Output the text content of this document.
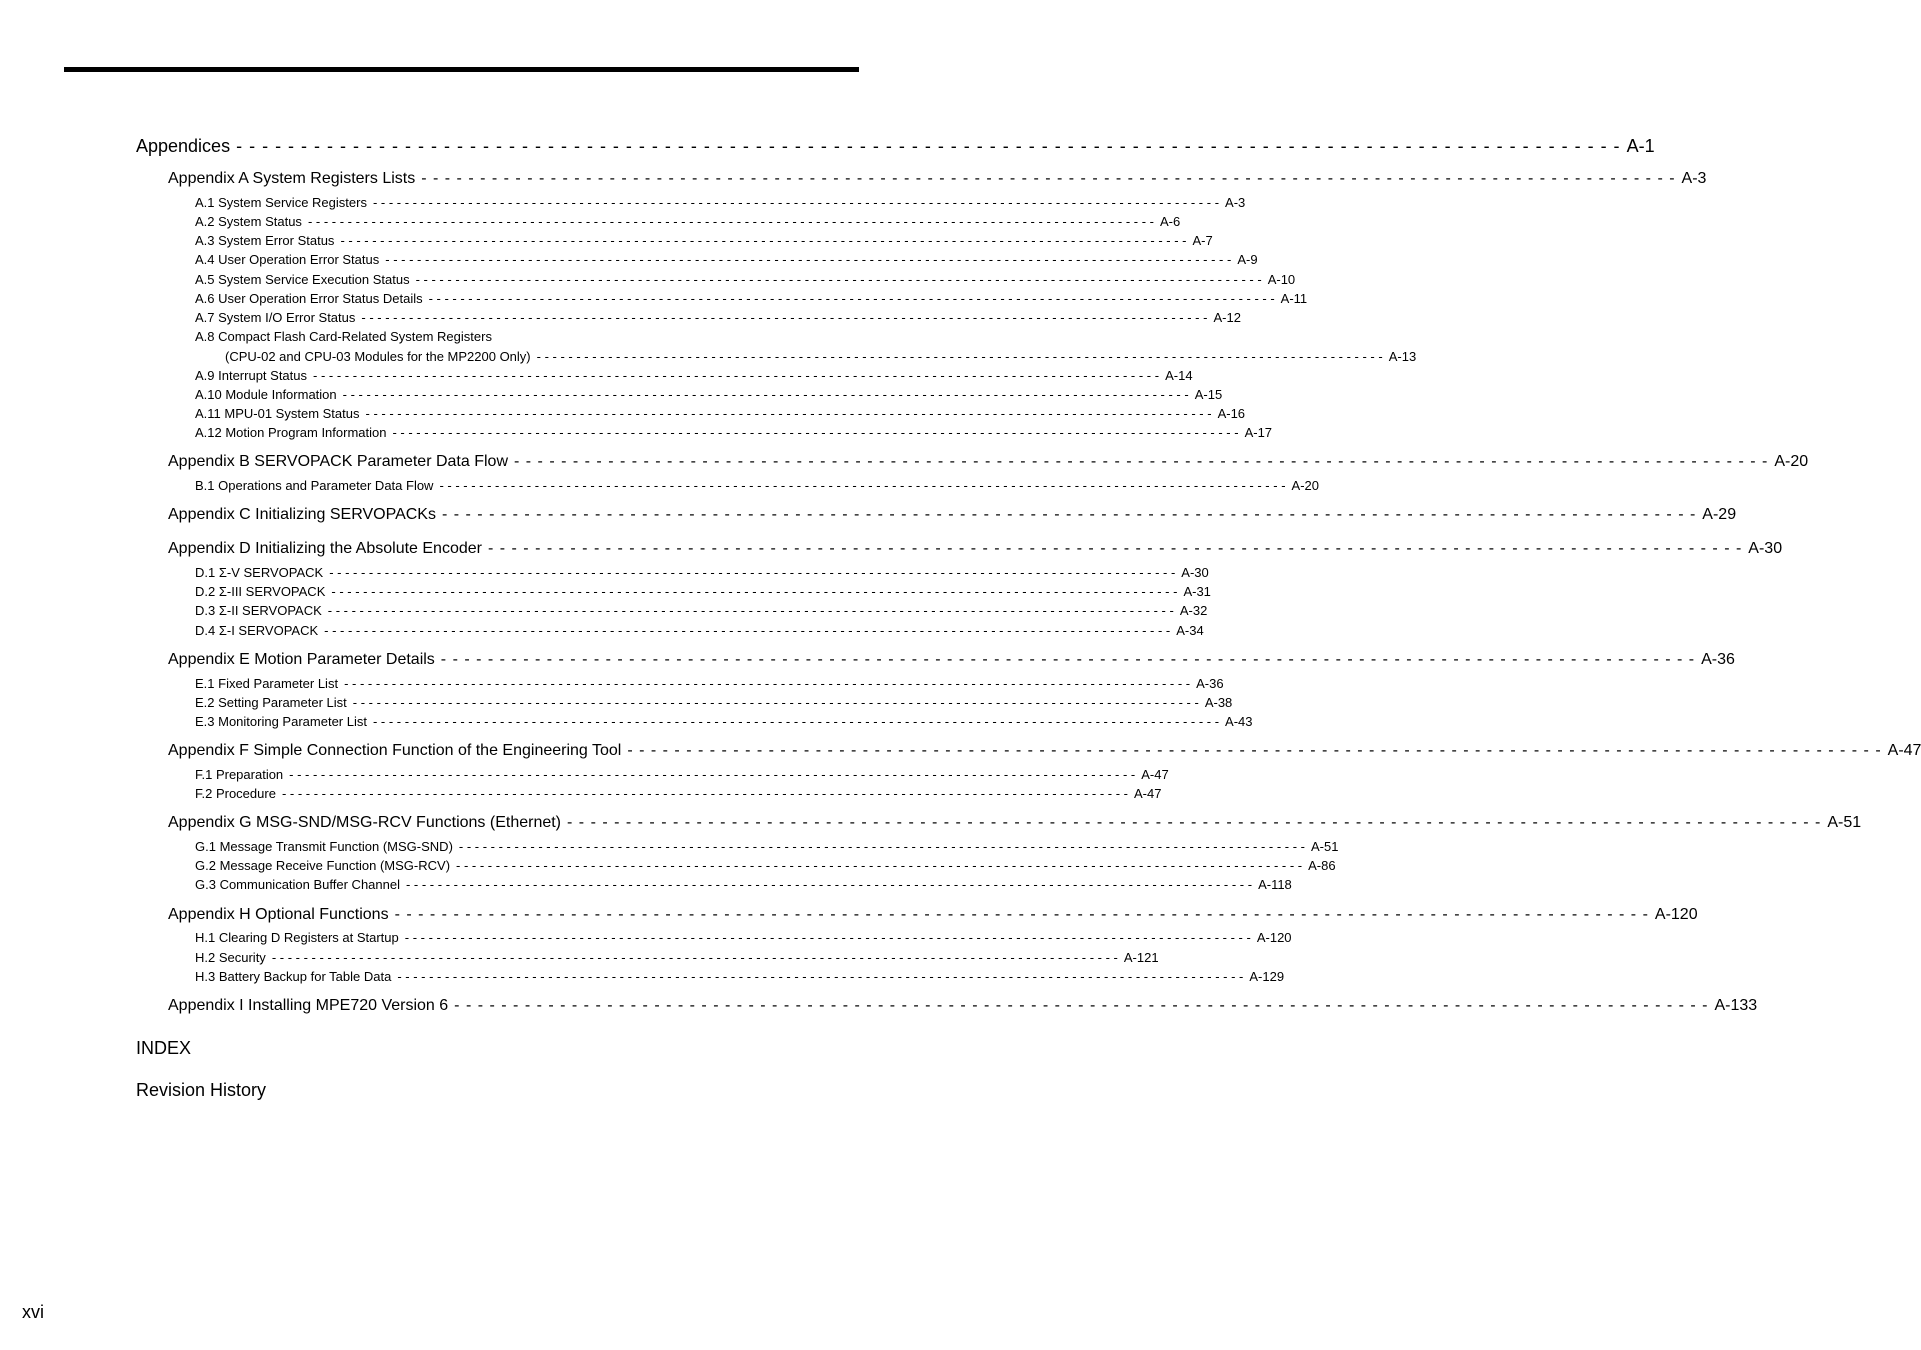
Appendices - - - - - - - - - - - - - - - - - - - - - - - - - - - - - - - - - - - - - - - - - - - - - - - - - - - - - - - - - - - - - - - - - - - - - - - - - - - - - - - - - - - - - - - - - - - - - - - - - - - - - - - - - - - A-1
Appendix A System Registers Lists - - - - - - - - - - - - - - - - - - - - - - - - - - - - - - - - - - - - - - - - - - - - - - - - - - - - - - - - - - - - - - - - - - - - - - - - - - - - - - - - - - - - - - - - - - - - - - - - - - - - - - - - - - - A-3
A.1 System Service Registers - - - - - - - - - - - - - - - - - - - - - - - - - - - - - - - - - - - - - - - - - - - - - - - - - - - - - - - - - - - - - - - - - - - - - - - - - - - - - - - - - - - - - - - - - - - - - - - - - - - - - - - - - - - A-3
A.2 System Status - - - - - - - - - - - - - - - - - - - - - - - - - - - - - - - - - - - - - - - - - - - - - - - - - - - - - - - - - - - - - - - - - - - - - - - - - - - - - - - - - - - - - - - - - - - - - - - - - - - - - - - - - - - A-6
A.3 System Error Status - - - - - - - - - - - - - - - - - - - - - - - - - - - - - - - - - - - - - - - - - - - - - - - - - - - - - - - - - - - - - - - - - - - - - - - - - - - - - - - - - - - - - - - - - - - - - - - - - - - - - - - - - - - A-7
A.4 User Operation Error Status - - - - - - - - - - - - - - - - - - - - - - - - - - - - - - - - - - - - - - - - - - - - - - - - - - - - - - - - - - - - - - - - - - - - - - - - - - - - - - - - - - - - - - - - - - - - - - - - - - - - - - - - - - - A-9
A.5 System Service Execution Status - - - - - - - - - - - - - - - - - - - - - - - - - - - - - - - - - - - - - - - - - - - - - - - - - - - - - - - - - - - - - - - - - - - - - - - - - - - - - - - - - - - - - - - - - - - - - - - - - - - - - - - - - - - A-10
A.6 User Operation Error Status Details - - - - - - - - - - - - - - - - - - - - - - - - - - - - - - - - - - - - - - - - - - - - - - - - - - - - - - - - - - - - - - - - - - - - - - - - - - - - - - - - - - - - - - - - - - - - - - - - - - - - - - - - - - - A-11
A.7 System I/O Error Status - - - - - - - - - - - - - - - - - - - - - - - - - - - - - - - - - - - - - - - - - - - - - - - - - - - - - - - - - - - - - - - - - - - - - - - - - - - - - - - - - - - - - - - - - - - - - - - - - - - - - - - - - - - A-12
A.8 Compact Flash Card-Related System Registers
(CPU-02 and CPU-03 Modules for the MP2200 Only) - - - - - - - - - - - - - - - - - - - - - - - - - - - - - - - - - - - - - - - - - - - - - - - - - - - - - - - - - - - - - - - - - - - - - - - - - - - - - - - - - - - - - - - - - - - - - - - - - - - - - - - - - - - A-13
A.9 Interrupt Status - - - - - - - - - - - - - - - - - - - - - - - - - - - - - - - - - - - - - - - - - - - - - - - - - - - - - - - - - - - - - - - - - - - - - - - - - - - - - - - - - - - - - - - - - - - - - - - - - - - - - - - - - - - A-14
A.10 Module Information - - - - - - - - - - - - - - - - - - - - - - - - - - - - - - - - - - - - - - - - - - - - - - - - - - - - - - - - - - - - - - - - - - - - - - - - - - - - - - - - - - - - - - - - - - - - - - - - - - - - - - - - - - - A-15
A.11 MPU-01 System Status - - - - - - - - - - - - - - - - - - - - - - - - - - - - - - - - - - - - - - - - - - - - - - - - - - - - - - - - - - - - - - - - - - - - - - - - - - - - - - - - - - - - - - - - - - - - - - - - - - - - - - - - - - - A-16
A.12 Motion Program Information - - - - - - - - - - - - - - - - - - - - - - - - - - - - - - - - - - - - - - - - - - - - - - - - - - - - - - - - - - - - - - - - - - - - - - - - - - - - - - - - - - - - - - - - - - - - - - - - - - - - - - - - - - - A-17
Appendix B SERVOPACK Parameter Data Flow - - - - - - - - - - - - - - - - - - - - - - - - - - - - - - - - - - - - - - - - - - - - - - - - - - - - - - - - - - - - - - - - - - - - - - - - - - - - - - - - - - - - - - - - - - - - - - - - - - - - - - - - - - - A-20
B.1 Operations and Parameter Data Flow - - - - - - - - - - - - - - - - - - - - - - - - - - - - - - - - - - - - - - - - - - - - - - - - - - - - - - - - - - - - - - - - - - - - - - - - - - - - - - - - - - - - - - - - - - - - - - - - - - - - - - - - - - - A-20
Appendix C Initializing SERVOPACKs - - - - - - - - - - - - - - - - - - - - - - - - - - - - - - - - - - - - - - - - - - - - - - - - - - - - - - - - - - - - - - - - - - - - - - - - - - - - - - - - - - - - - - - - - - - - - - - - - - - - - - - - - - - A-29
Appendix D Initializing the Absolute Encoder - - - - - - - - - - - - - - - - - - - - - - - - - - - - - - - - - - - - - - - - - - - - - - - - - - - - - - - - - - - - - - - - - - - - - - - - - - - - - - - - - - - - - - - - - - - - - - - - - - - - - - - - - - - A-30
D.1 Σ-V SERVOPACK - - - - - - - - - - - - - - - - - - - - - - - - - - - - - - - - - - - - - - - - - - - - - - - - - - - - - - - - - - - - - - - - - - - - - - - - - - - - - - - - - - - - - - - - - - - - - - - - - - - - - - - - - - - A-30
D.2 Σ-III SERVOPACK - - - - - - - - - - - - - - - - - - - - - - - - - - - - - - - - - - - - - - - - - - - - - - - - - - - - - - - - - - - - - - - - - - - - - - - - - - - - - - - - - - - - - - - - - - - - - - - - - - - - - - - - - - - A-31
D.3 Σ-II SERVOPACK - - - - - - - - - - - - - - - - - - - - - - - - - - - - - - - - - - - - - - - - - - - - - - - - - - - - - - - - - - - - - - - - - - - - - - - - - - - - - - - - - - - - - - - - - - - - - - - - - - - - - - - - - - - A-32
D.4 Σ-I SERVOPACK - - - - - - - - - - - - - - - - - - - - - - - - - - - - - - - - - - - - - - - - - - - - - - - - - - - - - - - - - - - - - - - - - - - - - - - - - - - - - - - - - - - - - - - - - - - - - - - - - - - - - - - - - - - A-34
Appendix E Motion Parameter Details - - - - - - - - - - - - - - - - - - - - - - - - - - - - - - - - - - - - - - - - - - - - - - - - - - - - - - - - - - - - - - - - - - - - - - - - - - - - - - - - - - - - - - - - - - - - - - - - - - - - - - - - - - - A-36
E.1 Fixed Parameter List - - - - - - - - - - - - - - - - - - - - - - - - - - - - - - - - - - - - - - - - - - - - - - - - - - - - - - - - - - - - - - - - - - - - - - - - - - - - - - - - - - - - - - - - - - - - - - - - - - - - - - - - - - - A-36
E.2 Setting Parameter List - - - - - - - - - - - - - - - - - - - - - - - - - - - - - - - - - - - - - - - - - - - - - - - - - - - - - - - - - - - - - - - - - - - - - - - - - - - - - - - - - - - - - - - - - - - - - - - - - - - - - - - - - - - A-38
E.3 Monitoring Parameter List - - - - - - - - - - - - - - - - - - - - - - - - - - - - - - - - - - - - - - - - - - - - - - - - - - - - - - - - - - - - - - - - - - - - - - - - - - - - - - - - - - - - - - - - - - - - - - - - - - - - - - - - - - - A-43
Appendix F Simple Connection Function of the Engineering Tool - - - - - - - - - - - - - - - - - - - - - - - - - - - - - - - - - - - - - - - - - - - - - - - - - - - - - - - - - - - - - - - - - - - - - - - - - - - - - - - - - - - - - - - - - - - - - - - - - - - - - - - - - - - A-47
F.1 Preparation - - - - - - - - - - - - - - - - - - - - - - - - - - - - - - - - - - - - - - - - - - - - - - - - - - - - - - - - - - - - - - - - - - - - - - - - - - - - - - - - - - - - - - - - - - - - - - - - - - - - - - - - - - - A-47
F.2 Procedure - - - - - - - - - - - - - - - - - - - - - - - - - - - - - - - - - - - - - - - - - - - - - - - - - - - - - - - - - - - - - - - - - - - - - - - - - - - - - - - - - - - - - - - - - - - - - - - - - - - - - - - - - - - A-47
Appendix G MSG-SND/MSG-RCV Functions (Ethernet) - - - - - - - - - - - - - - - - - - - - - - - - - - - - - - - - - - - - - - - - - - - - - - - - - - - - - - - - - - - - - - - - - - - - - - - - - - - - - - - - - - - - - - - - - - - - - - - - - - - - - - - - - - - A-51
G.1 Message Transmit Function (MSG-SND) - - - - - - - - - - - - - - - - - - - - - - - - - - - - - - - - - - - - - - - - - - - - - - - - - - - - - - - - - - - - - - - - - - - - - - - - - - - - - - - - - - - - - - - - - - - - - - - - - - - - - - - - - - - A-51
G.2 Message Receive Function (MSG-RCV) - - - - - - - - - - - - - - - - - - - - - - - - - - - - - - - - - - - - - - - - - - - - - - - - - - - - - - - - - - - - - - - - - - - - - - - - - - - - - - - - - - - - - - - - - - - - - - - - - - - - - - - - - - - A-86
G.3 Communication Buffer Channel - - - - - - - - - - - - - - - - - - - - - - - - - - - - - - - - - - - - - - - - - - - - - - - - - - - - - - - - - - - - - - - - - - - - - - - - - - - - - - - - - - - - - - - - - - - - - - - - - - - - - - - - - - - A-118
Appendix H Optional Functions - - - - - - - - - - - - - - - - - - - - - - - - - - - - - - - - - - - - - - - - - - - - - - - - - - - - - - - - - - - - - - - - - - - - - - - - - - - - - - - - - - - - - - - - - - - - - - - - - - - - - - - - - - - A-120
H.1 Clearing D Registers at Startup - - - - - - - - - - - - - - - - - - - - - - - - - - - - - - - - - - - - - - - - - - - - - - - - - - - - - - - - - - - - - - - - - - - - - - - - - - - - - - - - - - - - - - - - - - - - - - - - - - - - - - - - - - - A-120
H.2 Security - - - - - - - - - - - - - - - - - - - - - - - - - - - - - - - - - - - - - - - - - - - - - - - - - - - - - - - - - - - - - - - - - - - - - - - - - - - - - - - - - - - - - - - - - - - - - - - - - - - - - - - - - - - A-121
H.3 Battery Backup for Table Data - - - - - - - - - - - - - - - - - - - - - - - - - - - - - - - - - - - - - - - - - - - - - - - - - - - - - - - - - - - - - - - - - - - - - - - - - - - - - - - - - - - - - - - - - - - - - - - - - - - - - - - - - - - A-129
Appendix I Installing MPE720 Version 6 - - - - - - - - - - - - - - - - - - - - - - - - - - - - - - - - - - - - - - - - - - - - - - - - - - - - - - - - - - - - - - - - - - - - - - - - - - - - - - - - - - - - - - - - - - - - - - - - - - - - - - - - - - - A-133
INDEX
Revision History
xvi
